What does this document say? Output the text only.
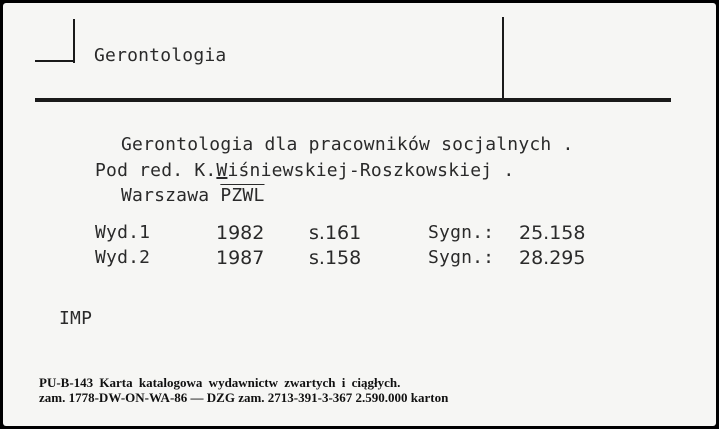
Gerontologia
Gerontologia dla pracowników socjalnych .
Pod red. K.Wiśniewskiej-Roszkowskiej .
Warszawa PZWL
Wyd.1	1982 s.161	Sygn.: 25.158
Wyd.2	1987 s.158	Sygn.: 28.295
IMP
PU-B-143 Karta katalogowa wydawnictw zwartych i ciągłych.
zam. 1778-DW-ON-WA-86 — DZG zam. 2713-391-3-367 2.590.000 karton
